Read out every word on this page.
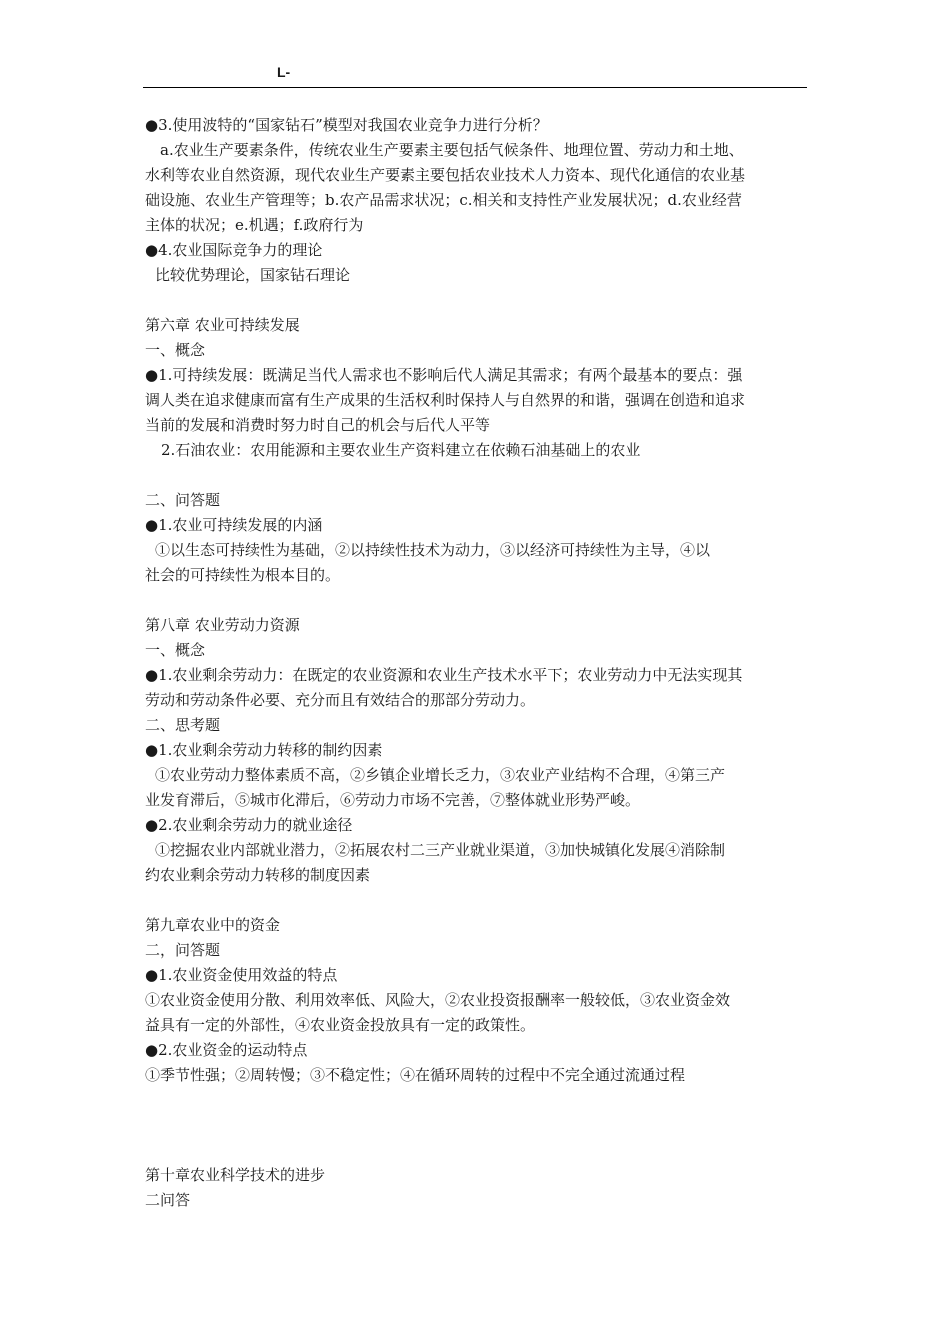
L-
●3.使用波特的“国家钻石”模型对我国农业竞争力进行分析？
a.农业生产要素条件，传统农业生产要素主要包括气候条件、地理位置、劳动力和土地、
水利等农业自然资源，现代农业生产要素主要包括农业技术人力资本、现代化通信的农业基
础设施、农业生产管理等；b.农产品需求状况；c.相关和支持性产业发展状况；d.农业经营
主体的状况；e.机遇；f.政府行为
●4.农业国际竞争力的理论
比较优势理论，国家钻石理论
第六章 农业可持续发展
一、概念
●1.可持续发展：既满足当代人需求也不影响后代人满足其需求；有两个最基本的要点：强
调人类在追求健康而富有生产成果的生活权利时保持人与自然界的和谐，强调在创造和追求
当前的发展和消费时努力时自己的机会与后代人平等
2.石油农业：农用能源和主要农业生产资料建立在依赖石油基础上的农业
二、问答题
●1.农业可持续发展的内涵
①以生态可持续性为基础，②以持续性技术为动力，③以经济可持续性为主导，④以
社会的可持续性为根本目的。
第八章 农业劳动力资源
一、概念
●1.农业剩余劳动力：在既定的农业资源和农业生产技术水平下；农业劳动力中无法实现其
劳动和劳动条件必要、充分而且有效结合的那部分劳动力。
二、思考题
●1.农业剩余劳动力转移的制约因素
①农业劳动力整体素质不高，②乡镇企业增长乏力，③农业产业结构不合理，④第三产
业发育滞后，⑤城市化滞后，⑥劳动力市场不完善，⑦整体就业形势严峻。
●2.农业剩余劳动力的就业途径
①挖掘农业内部就业潜力，②拓展农村二三产业就业渠道，③加快城镇化发展④消除制
约农业剩余劳动力转移的制度因素
第九章农业中的资金
二，问答题
●1.农业资金使用效益的特点
①农业资金使用分散、利用效率低、风险大，②农业投资报酬率一般较低，③农业资金效
益具有一定的外部性，④农业资金投放具有一定的政策性。
●2.农业资金的运动特点
①季节性强；②周转慢；③不稳定性；④在循环周转的过程中不完全通过流通过程
第十章农业科学技术的进步
二问答
